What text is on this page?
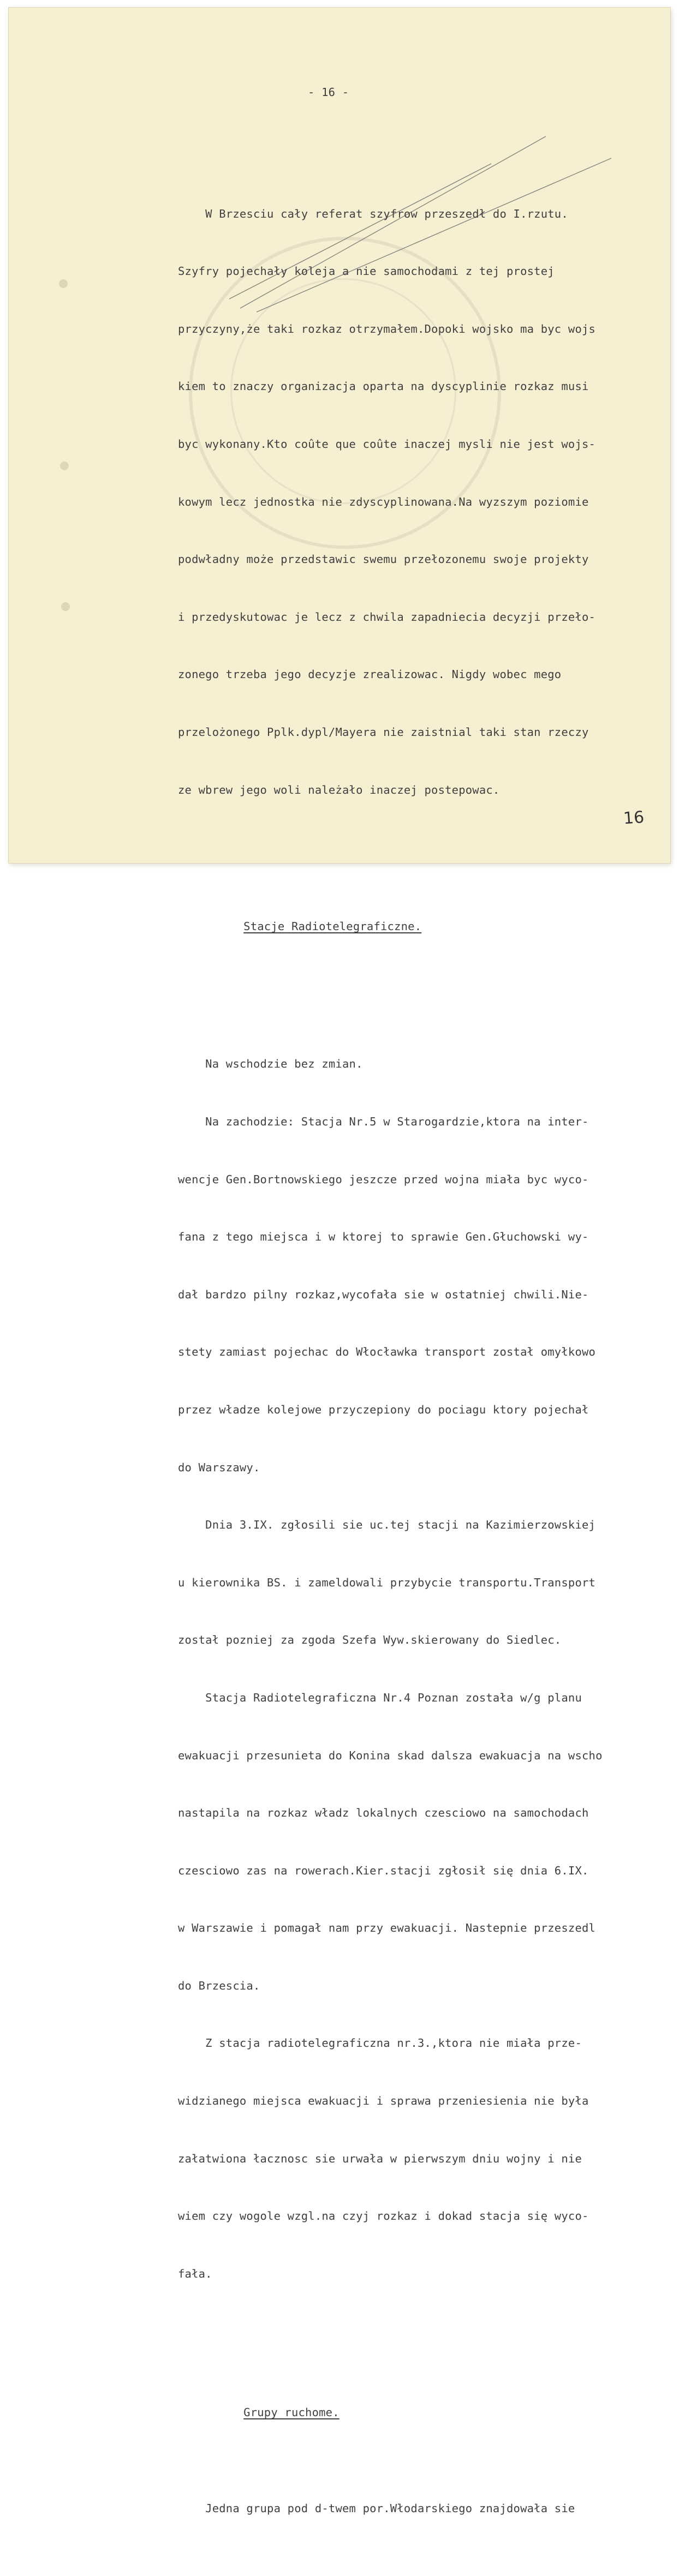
- 16 -

W Brzesciu cały referat szyfrow przeszedł do I.rzutu.

Szyfry pojechały koleja a nie samochodami z tej prostej

przyczyny,że taki rozkaz otrzymałem.Dopoki wojsko ma byc wojs

kiem to znaczy organizacja oparta na dyscyplinie rozkaz musi

byc wykonany.Kto coûte que coûte inaczej mysli nie jest wojs-

kowym lecz jednostka nie zdyscyplinowana.Na wyzszym poziomie

podwładny może przedstawic swemu przełozonemu swoje projekty

i przedyskutowac je lecz z chwila zapadniecia decyzji przeło-

zonego trzeba jego decyzje zrealizowac. Nigdy wobec mego

przelożonego Pplk.dypl/Mayera nie zaistnial taki stan rzeczy

ze wbrew jego woli należało inaczej postepowac.

Stacje Radiotelegraficzne.

Na wschodzie bez zmian.

Na zachodzie: Stacja Nr.5 w Starogardzie,ktora na inter-

wencje Gen.Bortnowskiego jeszcze przed wojna miała byc wyco-

fana z tego miejsca i w ktorej to sprawie Gen.Głuchowski wy-

dał bardzo pilny rozkaz,wycofała sie w ostatniej chwili.Nie-

stety zamiast pojechac do Włocławka transport został omyłkowo

przez władze kolejowe przyczepiony do pociagu ktory pojechał

do Warszawy.

Dnia 3.IX. zgłosili sie uc.tej stacji na Kazimierzowskiej

u kierownika BS. i zameldowali przybycie transportu.Transport

został pozniej za zgoda Szefa Wyw.skierowany do Siedlec.

Stacja Radiotelegraficzna Nr.4 Poznan została w/g planu

ewakuacji przesunieta do Konina skad dalsza ewakuacja na wscho

nastapila na rozkaz władz lokalnych czesciowo na samochodach

czesciowo zas na rowerach.Kier.stacji zgłosił się dnia 6.IX.

w Warszawie i pomagał nam przy ewakuacji. Nastepnie przeszedl

do Brzescia.

Z stacja radiotelegraficzna nr.3.,ktora nie miała prze-

widzianego miejsca ewakuacji i sprawa przeniesienia nie była

załatwiona łacznosc sie urwała w pierwszym dniu wojny i nie

wiem czy wogole wzgl.na czyj rozkaz i dokad stacja się wyco-

fała.

Grupy ruchome.

Jedna grupa pod d-twem por.Włodarskiego znajdowała sie

16
